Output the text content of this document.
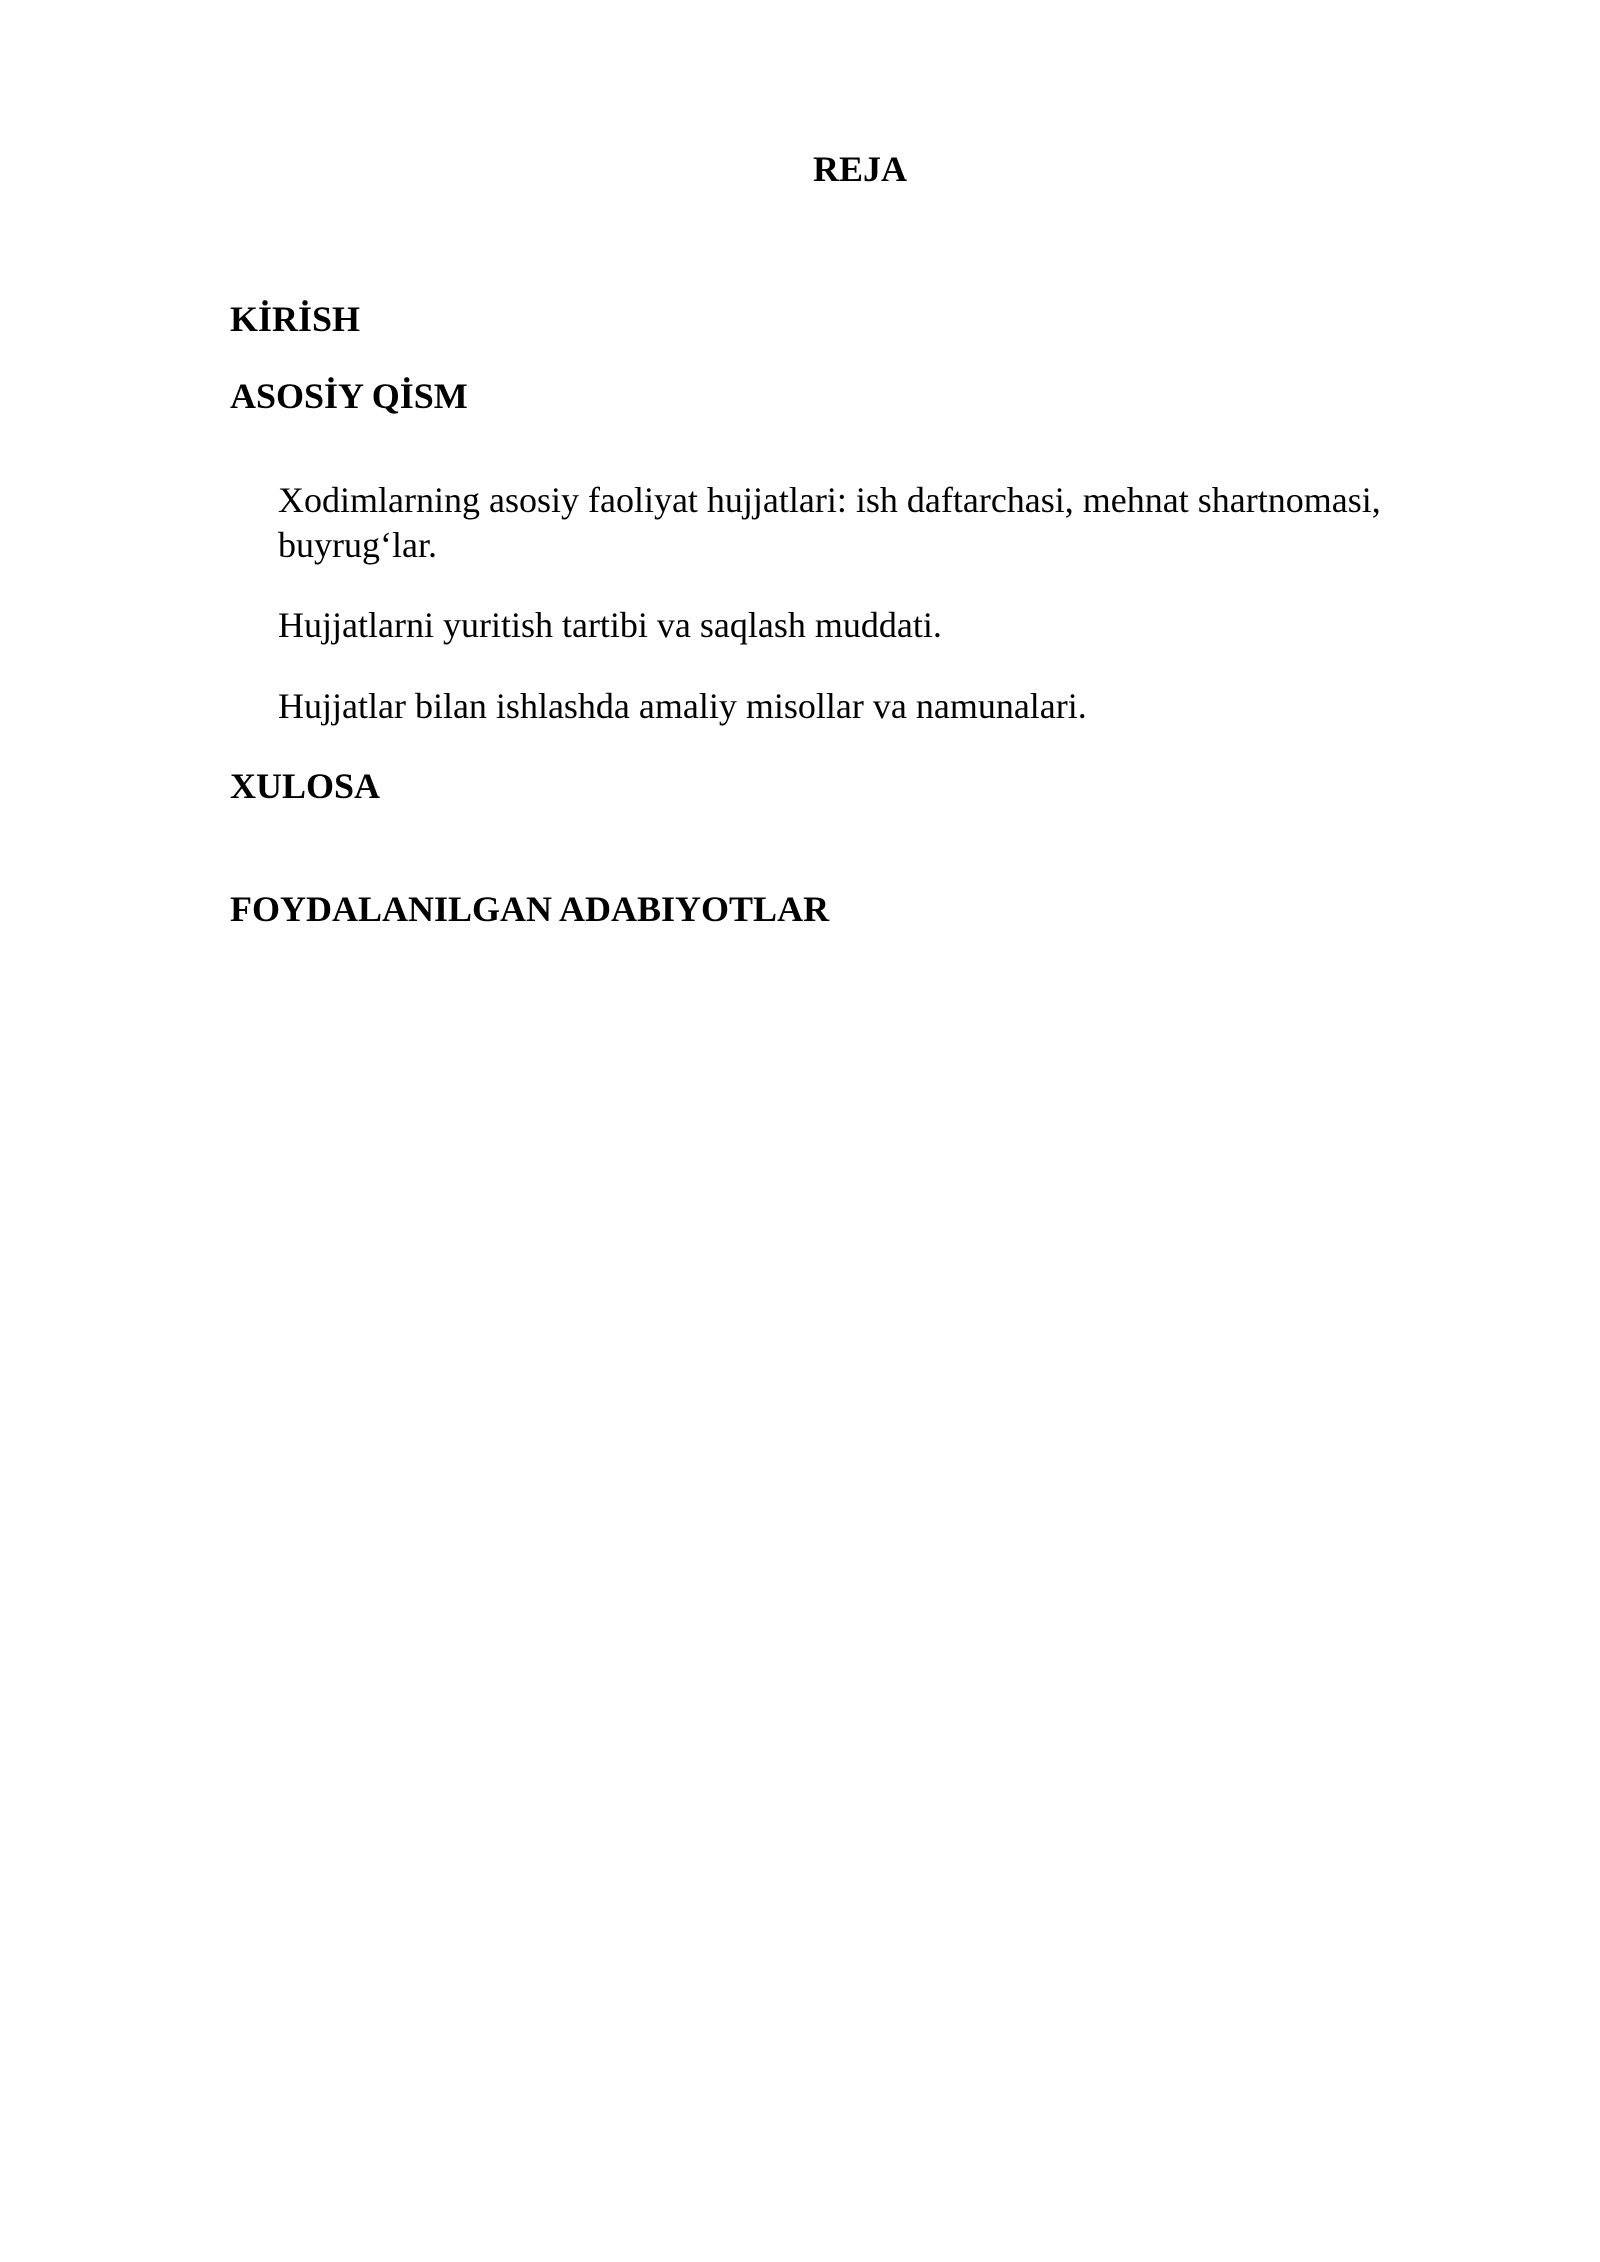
REJA
KİRİSH
ASOSİY QİSM

Xodimlarning asosiy faoliyat hujjatlari: ish daftarchasi, mehnat shartnomasi, buyrug‘lar.

Hujjatlarni yuritish tartibi va saqlash muddati.

Hujjatlar bilan ishlashda amaliy misollar va namunalari.

XULOSA
FOYDALANILGAN ADABIYOTLAR
